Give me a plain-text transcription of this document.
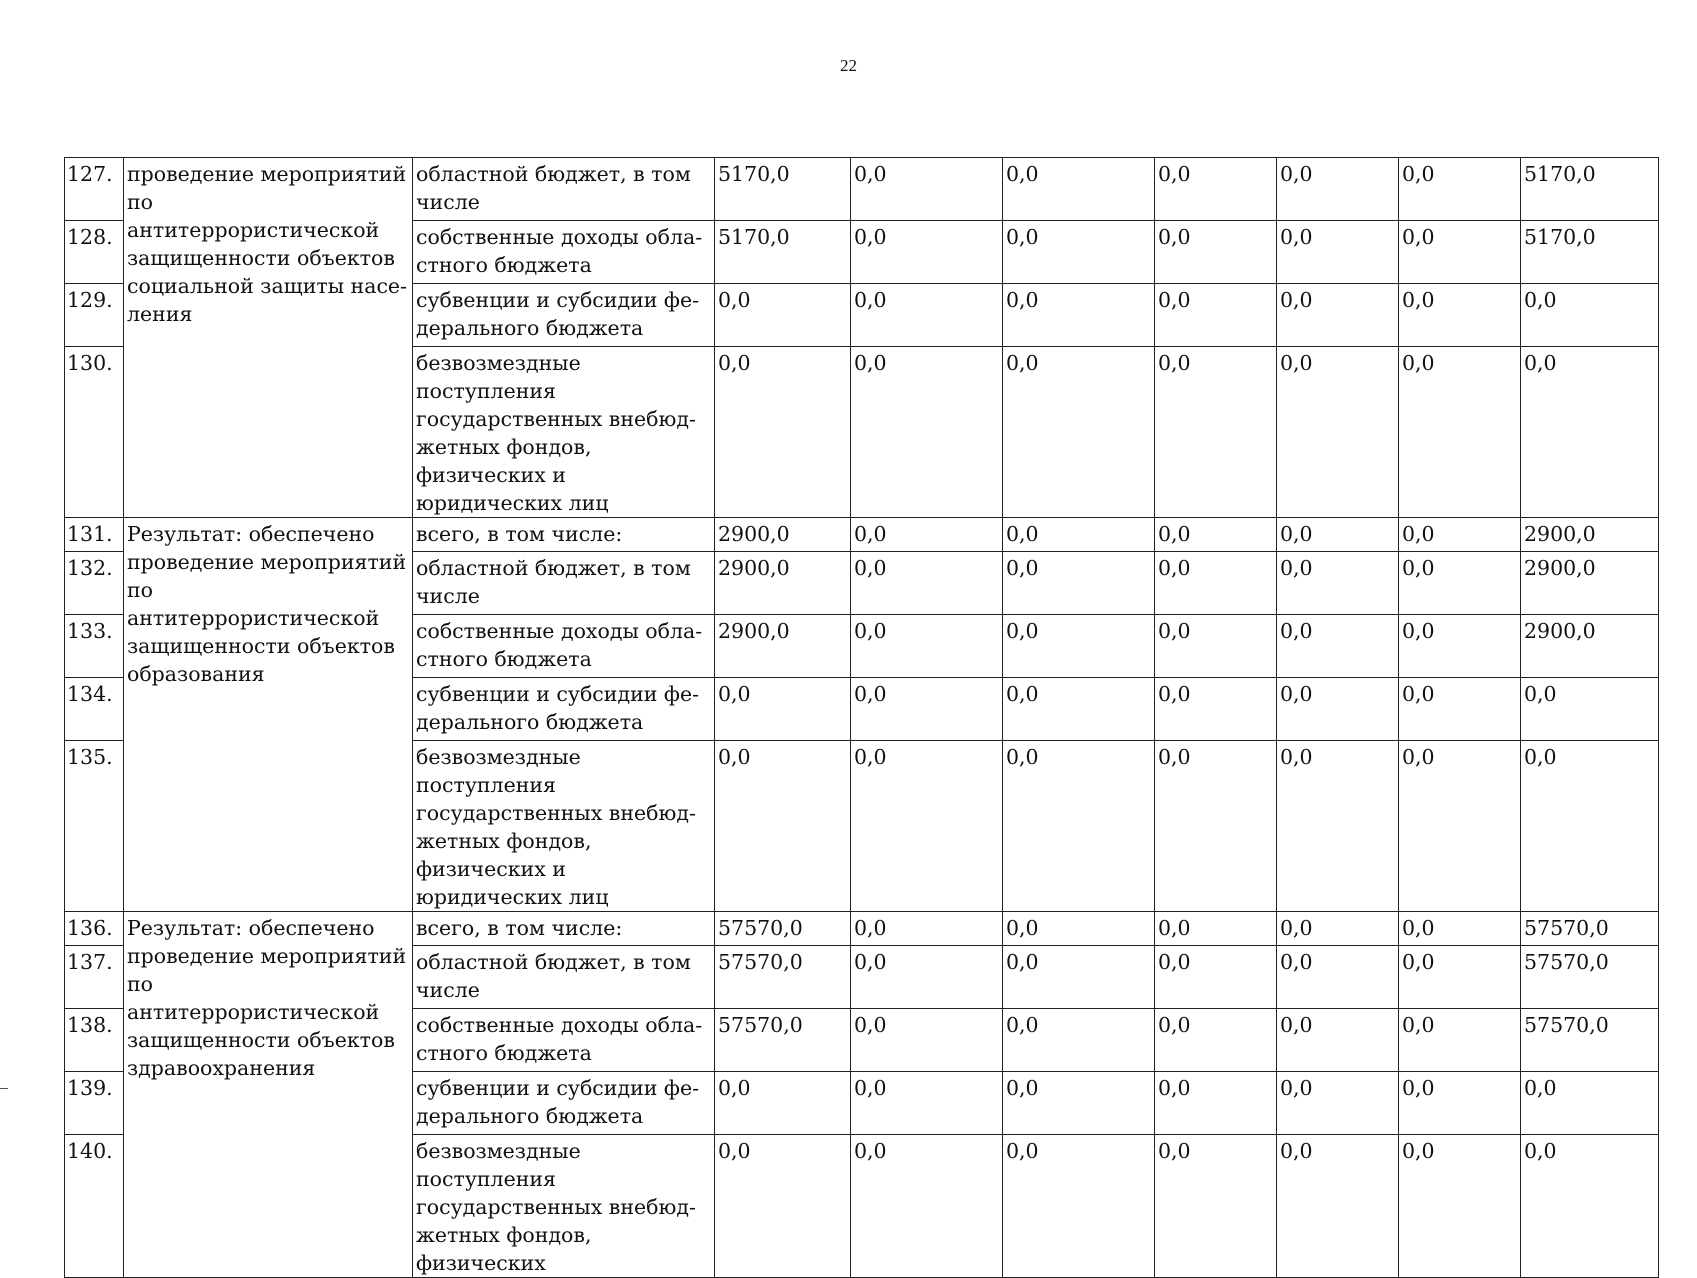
22
127.	проведение мероприятий по антитеррористической защищенности объектов социальной защиты насе-ления	областной бюджет, в том числе	5170,0	0,0	0,0	0,0	0,0	0,0	5170,0
128.		собственные доходы обла-стного бюджета	5170,0	0,0	0,0	0,0	0,0	0,0	5170,0
129.		субвенции и субсидии фе-дерального бюджета	0,0	0,0	0,0	0,0	0,0	0,0	0,0
130.		безвозмездные поступления государственных внебюд-жетных фондов, физических и юридических лиц	0,0	0,0	0,0	0,0	0,0	0,0	0,0
131.	Результат: обеспечено проведение мероприятий по антитеррористической защищенности объектов образования	всего, в том числе:	2900,0	0,0	0,0	0,0	0,0	0,0	2900,0
132.		областной бюджет, в том числе	2900,0	0,0	0,0	0,0	0,0	0,0	2900,0
133.		собственные доходы обла-стного бюджета	2900,0	0,0	0,0	0,0	0,0	0,0	2900,0
134.		субвенции и субсидии фе-дерального бюджета	0,0	0,0	0,0	0,0	0,0	0,0	0,0
135.		безвозмездные поступления государственных внебюд-жетных фондов, физических и юридических лиц	0,0	0,0	0,0	0,0	0,0	0,0	0,0
136.	Результат: обеспечено проведение мероприятий по антитеррористической защищенности объектов здравоохранения	всего, в том числе:	57570,0	0,0	0,0	0,0	0,0	0,0	57570,0
137.		областной бюджет, в том числе	57570,0	0,0	0,0	0,0	0,0	0,0	57570,0
138.		собственные доходы обла-стного бюджета	57570,0	0,0	0,0	0,0	0,0	0,0	57570,0
139.		субвенции и субсидии фе-дерального бюджета	0,0	0,0	0,0	0,0	0,0	0,0	0,0
140.		безвозмездные поступления государственных внебюд-жетных фондов, физических	0,0	0,0	0,0	0,0	0,0	0,0	0,0
